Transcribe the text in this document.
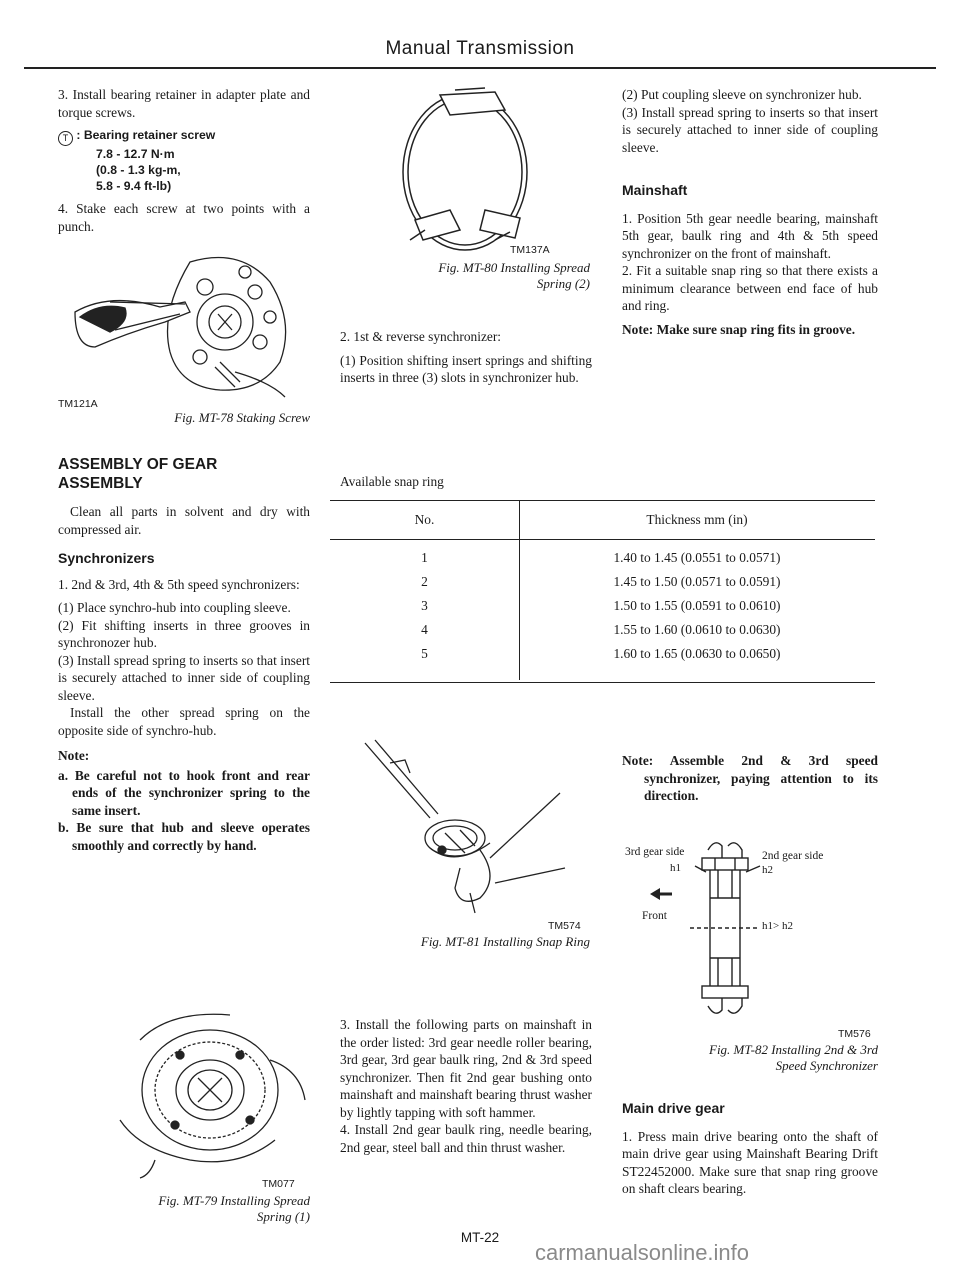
Manual Transmission

3. Install bearing retainer in adapter plate and torque screws.

T : Bearing retainer screw
7.8 - 12.7 N·m
(0.8 - 1.3 kg-m,
5.8 - 9.4 ft-lb)

4. Stake each screw at two points with a punch.

TM121A
Fig. MT-78 Staking Screw
ASSEMBLY OF GEAR
ASSEMBLY

Clean all parts in solvent and dry with compressed air.

Synchronizers

1. 2nd & 3rd, 4th & 5th speed synchronizers:

(1) Place synchro-hub into coupling sleeve.

(2) Fit shifting inserts in three grooves in synchronozer hub.

(3) Install spread spring to inserts so that insert is securely attached to inner side of coupling sleeve.

Install the other spread spring on the opposite side of synchro-hub.

Note:

a. Be careful not to hook front and rear ends of the synchronizer spring to the same insert.

b. Be sure that hub and sleeve operates smoothly and correctly by hand.

TM077
Fig. MT-79 Installing Spread
Spring (1)
TM137A
Fig. MT-80 Installing Spread
Spring (2)

2. 1st & reverse synchronizer:

(1) Position shifting insert springs and shifting inserts in three (3) slots in synchronizer hub.

Available snap ring
No.	Thickness mm (in)
1	1.40 to 1.45 (0.0551 to 0.0571)
2	1.45 to 1.50 (0.0571 to 0.0591)
3	1.50 to 1.55 (0.0591 to 0.0610)
4	1.55 to 1.60 (0.0610 to 0.0630)
5	1.60 to 1.65 (0.0630 to 0.0650)
TM574
Fig. MT-81 Installing Snap Ring

3. Install the following parts on mainshaft in the order listed: 3rd gear needle roller bearing, 3rd gear, 3rd gear baulk ring, 2nd & 3rd speed synchronizer. Then fit 2nd gear bushing onto mainshaft and mainshaft bearing thrust washer by lightly tapping with soft hammer.

4. Install 2nd gear baulk ring, needle bearing, 2nd gear, steel ball and thin thrust washer.

(2) Put coupling sleeve on synchronizer hub.

(3) Install spread spring to inserts so that insert is securely attached to inner side of coupling sleeve.

Mainshaft

1. Position 5th gear needle bearing, mainshaft 5th gear, baulk ring and 4th & 5th speed synchronizer on the front of mainshaft.

2. Fit a suitable snap ring so that there exists a minimum clearance between end face of hub and ring.

Note: Make sure snap ring fits in groove.

Note: Assemble 2nd & 3rd speed synchronizer, paying attention to its direction.

3rd gear side
h1
2nd gear side
h2
Front
h1> h2
TM576
Fig. MT-82 Installing 2nd & 3rd
Speed Synchronizer
Main drive gear

1. Press main drive bearing onto the shaft of main drive gear using Mainshaft Bearing Drift ST22452000. Make sure that snap ring groove on shaft clears bearing.

MT-22
carmanualsonline.info
